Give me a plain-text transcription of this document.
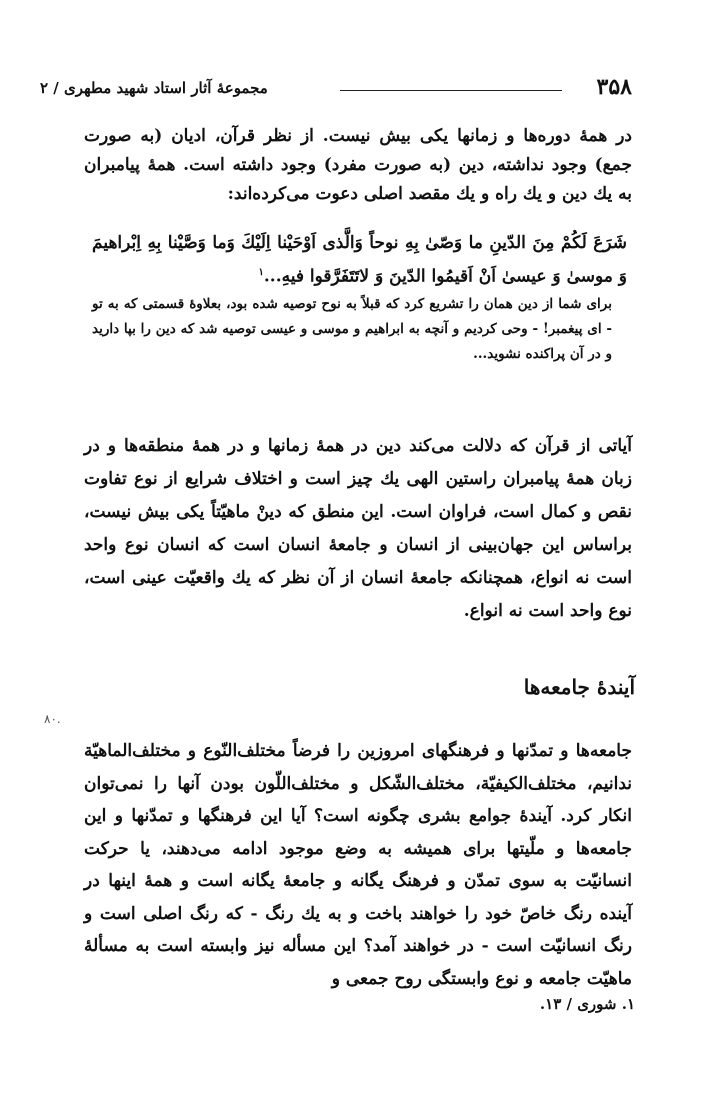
۳۵۸
مجموعهٔ آثار استاد شهید مطهری / ۲

در همهٔ دوره‌ها و زمانها یکی بیش نیست. از نظر قرآن، ادیان (به صورت جمع) وجود نداشته، دین (به صورت مفرد) وجود داشته است. همهٔ پیامبران به یك دین و یك راه و یك مقصد اصلی دعوت می‌کرده‌اند:

شَرَعَ لَکُمْ مِنَ الدّینِ ما وَصّیٰ بِهِ نوحاً وَالَّذی اَوْحَیْنا اِلَیْكَ وَما وَصَّیْنا بِهِ اِبْراهیمَ وَ موسیٰ وَ عیسیٰ اَنْ اَقیمُوا الدّینَ وَ لاتَتَفَرَّقوا فیهِ...$^۱$

برای شما از دین همان را تشریع کرد که قبلاً به نوح توصیه شده بود، بعلاوهٔ قسمتی که به تو - ای پیغمبر! - وحی کردیم و آنچه به ابراهیم و موسی و عیسی توصیه شد که دین را بپا دارید و در آن پراکنده نشوید...

آیاتی از قرآن که دلالت می‌کند دین در همهٔ زمانها و در همهٔ منطقه‌ها و در زبان همهٔ پیامبران راستین الهی یك چیز است و اختلاف شرایع از نوع تفاوت نقص و کمال است، فراوان است. این منطق که دینْ ماهیّتاً یکی بیش نیست، براساس این جهان‌بینی از انسان و جامعهٔ انسان است که انسان نوع واحد است نه انواع، همچنانکه جامعهٔ انسان از آن نظر که یك واقعیّت عینی است، نوع واحد است نه انواع.

آیندهٔ جامعه‌ها
۸۰.

جامعه‌ها و تمدّنها و فرهنگهای امروزین را فرضاً مختلف‌النّوع و مختلف‌الماهیّة ندانیم، مختلف‌الکیفیّة، مختلف‌الشّکل و مختلف‌اللّون بودن آنها را نمی‌توان انکار کرد. آیندهٔ جوامع بشری چگونه است؟ آیا این فرهنگها و تمدّنها و این جامعه‌ها و ملّیتها برای همیشه به وضع موجود ادامه می‌دهند، یا حرکت انسانیّت به سوی تمدّن و فرهنگ یگانه و جامعهٔ یگانه است و همهٔ اینها در آینده رنگ خاصّ خود را خواهند باخت و به یك رنگ - که رنگ اصلی است و رنگ انسانیّت است - در خواهند آمد؟ این مسأله نیز وابسته است به مسألهٔ ماهیّت جامعه و نوع وابستگی روح جمعی و

۱. شوری / ۱۳.
